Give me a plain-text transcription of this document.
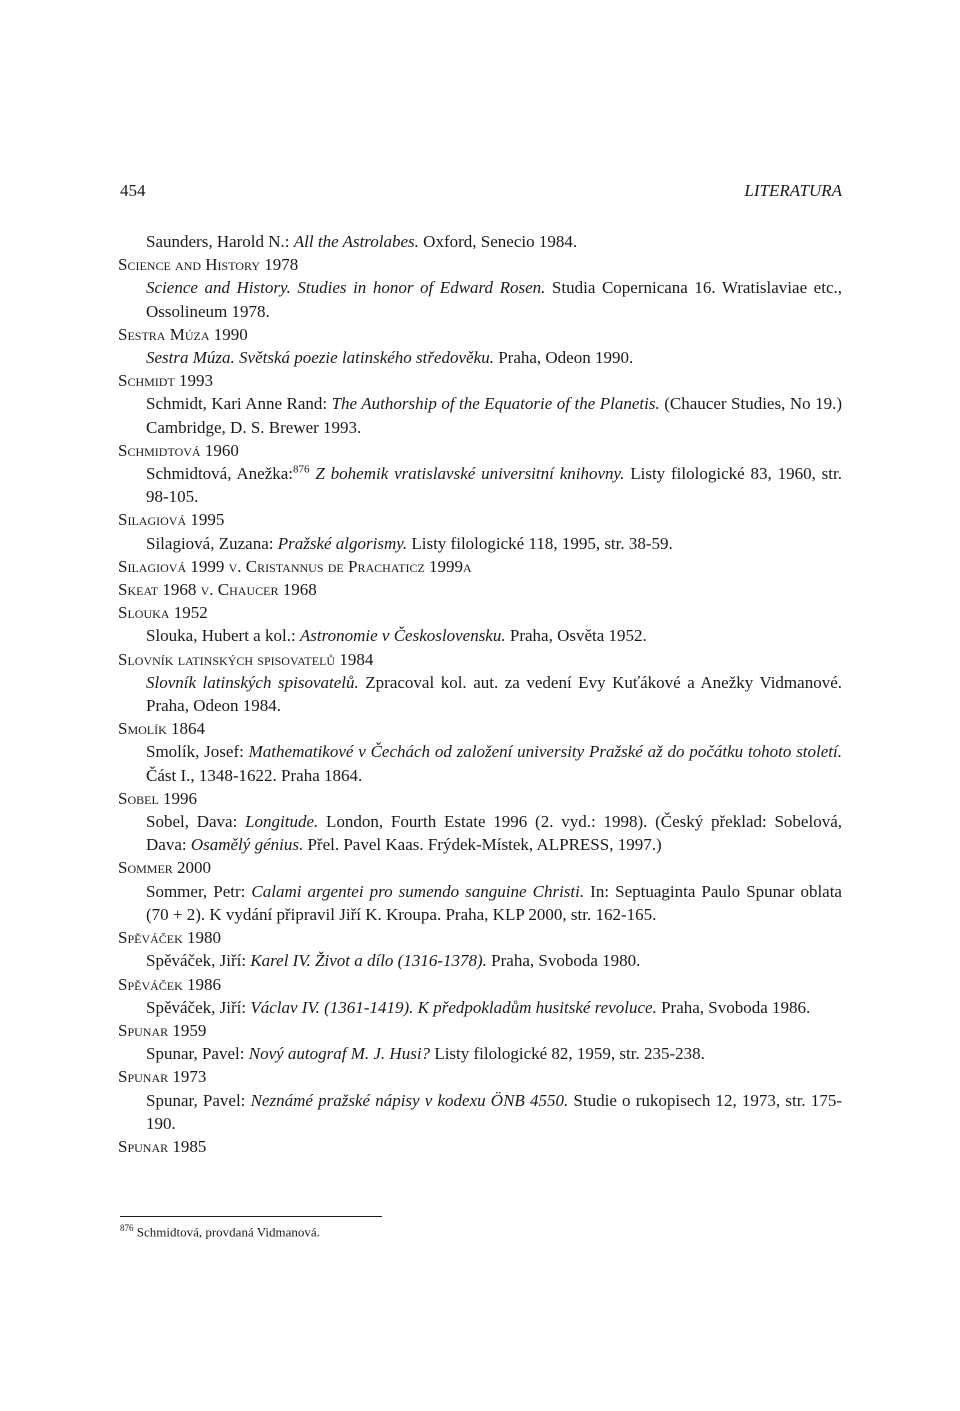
454	LITERATURA
Saunders, Harold N.: All the Astrolabes. Oxford, Senecio 1984.
Science and History 1978
Science and History. Studies in honor of Edward Rosen. Studia Copernicana 16. Wratislaviae etc., Ossolineum 1978.
Sestra Múza 1990
Sestra Múza. Světská poezie latinského středověku. Praha, Odeon 1990.
Schmidt 1993
Schmidt, Kari Anne Rand: The Authorship of the Equatorie of the Planetis. (Chaucer Studies, No 19.) Cambridge, D. S. Brewer 1993.
Schmidtová 1960
Schmidtová, Anežka:$^{876}$ Z bohemik vratislavské universitní knihovny. Listy filologické 83, 1960, str. 98-105.
Silagiová 1995
Silagiová, Zuzana: Pražské algorismy. Listy filologické 118, 1995, str. 38-59.
Silagiová 1999 v. Cristannus de Prachaticz 1999a
Skeat 1968 v. Chaucer 1968
Slouka 1952
Slouka, Hubert a kol.: Astronomie v Československu. Praha, Osvěta 1952.
Slovník latinských spisovatelů 1984
Slovník latinských spisovatelů. Zpracoval kol. aut. za vedení Evy Kuťákové a Anežky Vidmanové. Praha, Odeon 1984.
Smolík 1864
Smolík, Josef: Mathematikové v Čechách od založení university Pražské až do počátku tohoto století. Část I., 1348-1622. Praha 1864.
Sobel 1996
Sobel, Dava: Longitude. London, Fourth Estate 1996 (2. vyd.: 1998). (Český překlad: Sobelová, Dava: Osamělý génius. Přel. Pavel Kaas. Frýdek-Místek, ALPRESS, 1997.)
Sommer 2000
Sommer, Petr: Calami argentei pro sumendo sanguine Christi. In: Septuaginta Paulo Spunar oblata (70 + 2). K vydání připravil Jiří K. Kroupa. Praha, KLP 2000, str. 162-165.
Spěváček 1980
Spěváček, Jiří: Karel IV. Život a dílo (1316-1378). Praha, Svoboda 1980.
Spěváček 1986
Spěváček, Jiří: Václav IV. (1361-1419). K předpokladům husitské revoluce. Praha, Svoboda 1986.
Spunar 1959
Spunar, Pavel: Nový autograf M. J. Husi? Listy filologické 82, 1959, str. 235-238.
Spunar 1973
Spunar, Pavel: Neznámé pražské nápisy v kodexu ÖNB 4550. Studie o rukopisech 12, 1973, str. 175-190.
Spunar 1985
$^{876}$ Schmidtová, provdaná Vidmanová.
